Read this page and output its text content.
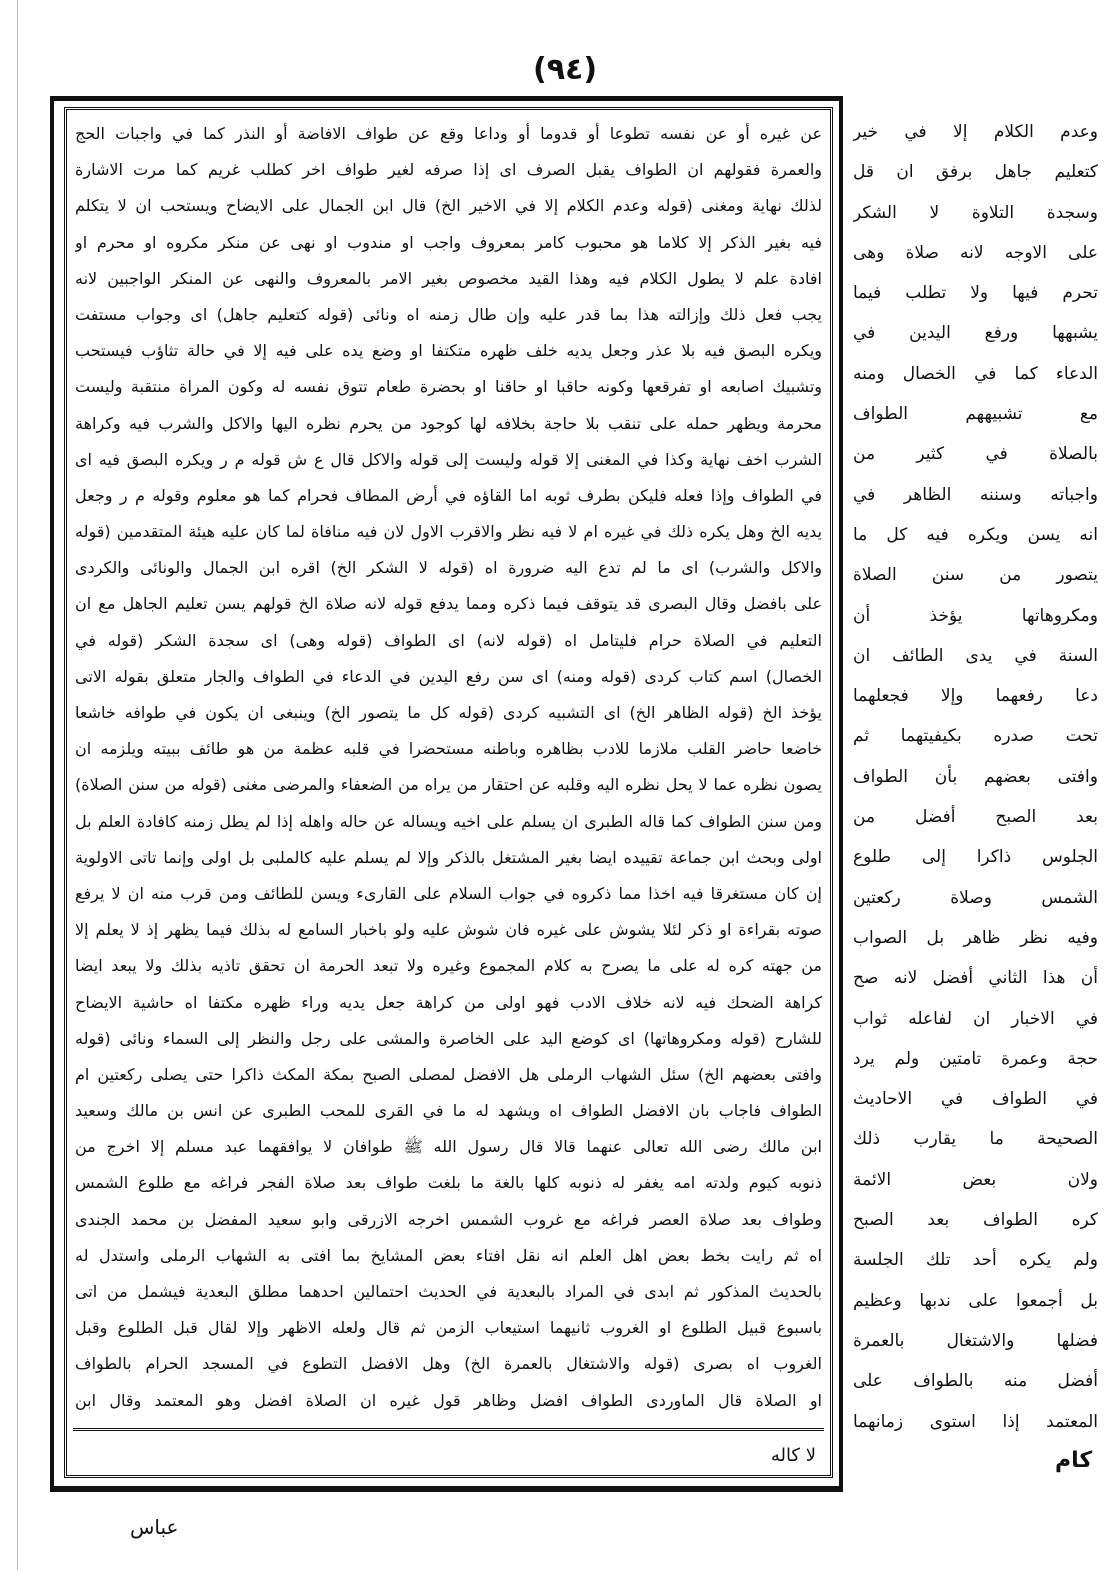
(٩٤)
عن غيره أو عن نفسه تطوعا أو قدوما أو وداعا وقع عن طواف الافاضة أو النذر كما في واجبات الحج
والعمرة فقولهم ان الطواف يقبل الصرف اى إذا صرفه لغير طواف اخر كطلب غريم كما مرت الاشارة
لذلك نهاية ومغنى (قوله وعدم الكلام إلا في الاخير الخ) قال ابن الجمال على الايضاح ويستحب ان لا يتكلم
فيه بغير الذكر إلا كلاما هو محبوب كامر بمعروف واجب او مندوب او نهى عن منكر مكروه او محرم او
افادة علم لا يطول الكلام فيه وهذا القيد مخصوص بغير الامر بالمعروف والنهى عن المنكر الواجبين لانه
يجب فعل ذلك وإزالته هذا بما قدر عليه وإن طال زمنه اه ونائى (قوله كتعليم جاهل) اى وجواب مستفت
ويكره البصق فيه بلا عذر وجعل يديه خلف ظهره متكتفا او وضع يده على فيه إلا في حالة تثاؤب فيستحب
وتشبيك اصابعه او تفرقعها وكونه حاقبا او حاقنا او بحضرة طعام تتوق نفسه له وكون المراة منتقبة وليست
محرمة ويظهر حمله على تنقب بلا حاجة بخلافه لها كوجود من يحرم نظره اليها والاكل والشرب فيه وكراهة
الشرب اخف نهاية وكذا في المغنى إلا قوله وليست إلى قوله والاكل قال ع ش قوله م ر ويكره البصق فيه اى
في الطواف وإذا فعله فليكن بطرف ثوبه اما القاؤه في أرض المطاف فحرام كما هو معلوم وقوله م ر وجعل
يديه الخ وهل يكره ذلك في غيره ام لا فيه نظر والاقرب الاول لان فيه منافاة لما كان عليه هيئة المتقدمين (قوله
والاكل والشرب) اى ما لم تدع اليه ضرورة اه (قوله لا الشكر الخ) اقره ابن الجمال والونائى والكردى
على بافضل وقال البصرى قد يتوقف فيما ذكره ومما يدفع قوله لانه صلاة الخ قولهم يسن تعليم الجاهل مع ان
التعليم في الصلاة حرام فليتامل اه (قوله لانه) اى الطواف (قوله وهى) اى سجدة الشكر (قوله في
الخصال) اسم كتاب كردى (قوله ومنه) اى سن رفع اليدين في الدعاء في الطواف والجار متعلق بقوله الاتى
يؤخذ الخ (قوله الظاهر الخ) اى التشبيه كردى (قوله كل ما يتصور الخ) وينبغى ان يكون في طوافه خاشعا
خاضعا حاضر القلب ملازما للادب بظاهره وباطنه مستحضرا في قلبه عظمة من هو طائف ببيته ويلزمه ان
يصون نظره عما لا يحل نظره اليه وقلبه عن احتقار من يراه من الضعفاء والمرضى مغنى (قوله من سنن الصلاة)
ومن سنن الطواف كما قاله الطبرى ان يسلم على اخيه ويساله عن حاله واهله إذا لم يطل زمنه كافادة العلم بل
اولى وبحث ابن جماعة تقييده ايضا بغير المشتغل بالذكر وإلا لم يسلم عليه كالملبى بل اولى وإنما تاتى الاولوية
إن كان مستغرقا فيه اخذا مما ذكروه في جواب السلام على القارىء ويسن للطائف ومن قرب منه ان لا يرفع
صوته بقراءة او ذكر لئلا يشوش على غيره فان شوش عليه ولو باخبار السامع له بذلك فيما يظهر إذ لا يعلم إلا
من جهته كره له على ما يصرح به كلام المجموع وغيره ولا تبعد الحرمة ان تحقق تاذيه بذلك ولا يبعد ايضا
كراهة الضحك فيه لانه خلاف الادب فهو اولى من كراهة جعل يديه وراء ظهره مكتفا اه حاشية الايضاح
للشارح (قوله ومكروهاتها) اى كوضع اليد على الخاصرة والمشى على رجل والنظر إلى السماء ونائى (قوله
وافتى بعضهم الخ) سئل الشهاب الرملى هل الافضل لمصلى الصبح بمكة المكث ذاكرا حتى يصلى ركعتين ام
الطواف فاجاب بان الافضل الطواف اه ويشهد له ما في القرى للمحب الطبرى عن انس بن مالك وسعيد
ابن مالك رضى الله تعالى عنهما قالا قال رسول الله ﷺ طوافان لا يوافقهما عبد مسلم إلا اخرج من
ذنوبه كيوم ولدته امه يغفر له ذنوبه كلها بالغة ما بلغت طواف بعد صلاة الفجر فراغه مع طلوع الشمس
وطواف بعد صلاة العصر فراغه مع غروب الشمس اخرجه الازرقى وابو سعيد المفضل بن محمد الجندى
اه ثم رايت بخط بعض اهل العلم انه نقل افتاء بعض المشايخ بما افتى به الشهاب الرملى واستدل له
بالحديث المذكور ثم ابدى في المراد بالبعدية في الحديث احتمالين احدهما مطلق البعدية فيشمل من اتى
باسبوع قبيل الطلوع او الغروب ثانيهما استيعاب الزمن ثم قال ولعله الاظهر وإلا لقال قبل الطلوع وقبل
الغروب اه بصرى (قوله والاشتغال بالعمرة الخ) وهل الافضل التطوع في المسجد الحرام بالطواف
او الصلاة قال الماوردى الطواف افضل وظاهر قول غيره ان الصلاة افضل وهو المعتمد وقال ابن
لا كاله
وعدم الكلام إلا في خير
كتعليم جاهل برفق ان قل
وسجدة التلاوة لا الشكر
على الاوجه لانه صلاة وهى
تحرم فيها ولا تطلب فيما
يشبهها ورفع اليدين في
الدعاء كما في الخصال ومنه
مع تشبيههم الطواف
بالصلاة في كثير من
واجباته وسننه الظاهر في
انه يسن ويكره فيه كل ما
يتصور من سنن الصلاة
ومكروهاتها يؤخذ أن
السنة في يدى الطائف ان
دعا رفعهما وإلا فجعلهما
تحت صدره بكيفيتهما ثم
وافتى بعضهم بأن الطواف
بعد الصبح أفضل من
الجلوس ذاكرا إلى طلوع
الشمس وصلاة ركعتين
وفيه نظر ظاهر بل الصواب
أن هذا الثاني أفضل لانه صح
في الاخبار ان لفاعله ثواب
حجة وعمرة تامتين ولم يرد
في الطواف في الاحاديث
الصحيحة ما يقارب ذلك
ولان بعض الائمة
كره الطواف بعد الصبح
ولم يكره أحد تلك الجلسة
بل أجمعوا على ندبها وعظيم
فضلها والاشتغال بالعمرة
أفضل منه بالطواف على
المعتمد إذا استوى زمانهما
كام
عباس
